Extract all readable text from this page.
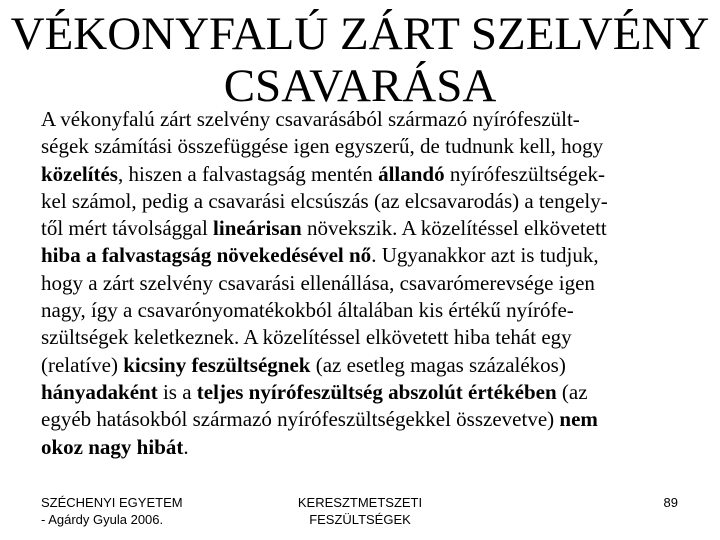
VÉKONYFALÚ ZÁRT SZELVÉNY
CSAVARÁSA
A vékonyfalú zárt szelvény csavarásából származó nyírófeszült-
ségek számítási összefüggése igen egyszerű, de tudnunk kell, hogy
közelítés, hiszen a falvastagság mentén állandó nyírófeszültségek-
kel számol, pedig a csavarási elcsúszás (az elcsavarodás) a tengely-
től mért távolsággal lineárisan növekszik. A közelítéssel elkövetett
hiba a falvastagság növekedésével nő. Ugyanakkor azt is tudjuk,
hogy a zárt szelvény csavarási ellenállása, csavarómerevsége igen
nagy, így a csavarónyomatékokból általában kis értékű nyírófe-
szültségek keletkeznek. A közelítéssel elkövetett hiba tehát egy
(relatíve) kicsiny feszültségnek (az esetleg magas százalékos)
hányadaként is a teljes nyírófeszültség abszolút értékében (az
egyéb hatásokból származó nyírófeszültségekkel összevetve) nem
okoz nagy hibát.
SZÉCHENYI EGYETEM
- Agárdy Gyula 2006.
KERESZTMETSZETI
FESZÜLTSÉGEK
89
